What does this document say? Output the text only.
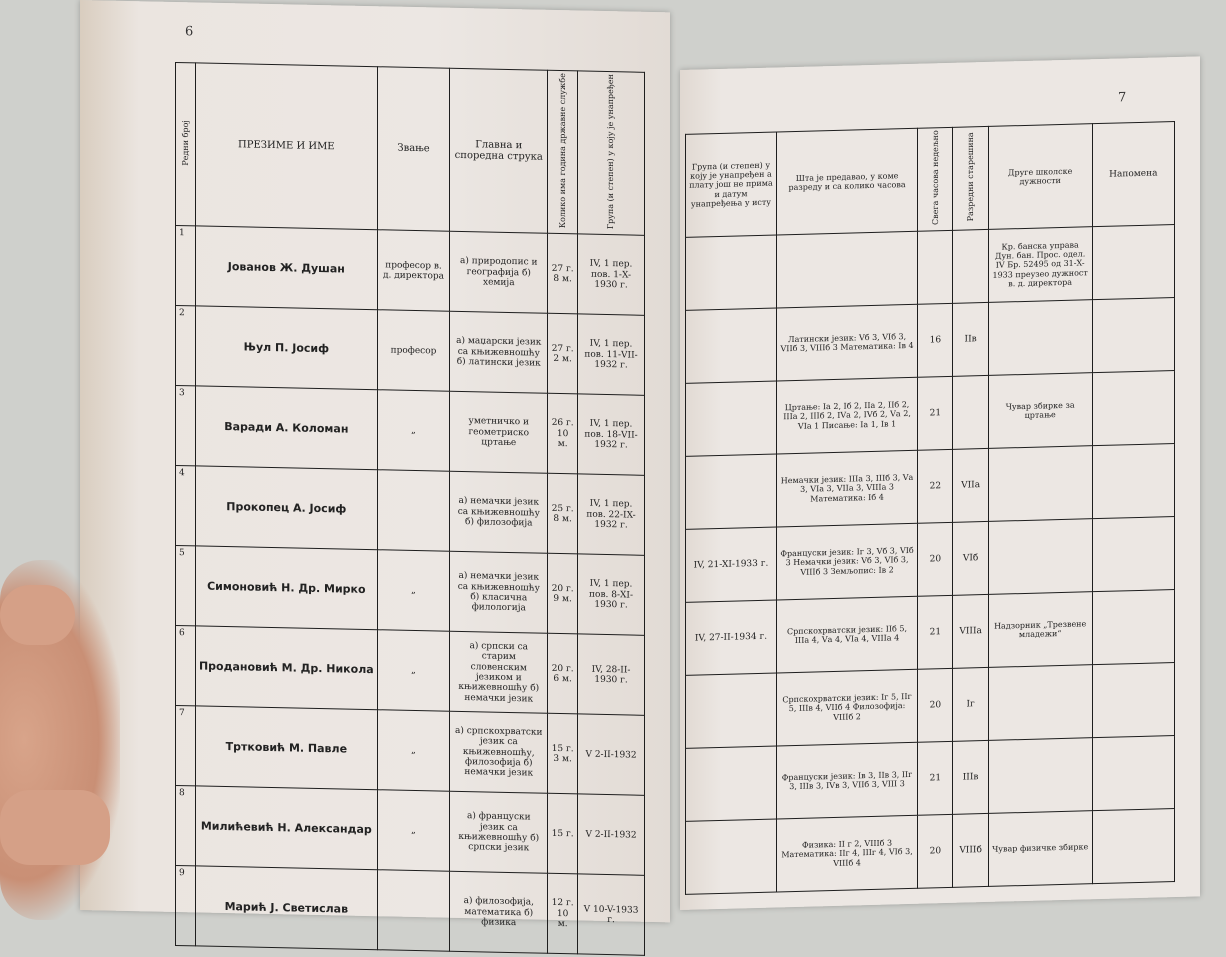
6
Редни број	ПРЕЗИМЕ И ИМЕ	Звање	Главна и споредна струка	Колико има година државне службе	Група (и степен) у коју је унапређен
1	Јованов Ж. Душан	професор в. д. директора	а) природопис и географија б) хемија	27 г. 8 м.	IV, 1 пер. пов. 1-X-1930 г.
2	Њул П. Јосиф	професор	а) маџарски језик са књижевношћу б) латински језик	27 г. 2 м.	IV, 1 пер. пов. 11-VII-1932 г.
3	Варади А. Коломан	„	уметничко и геометриско цртање	26 г. 10 м.	IV, 1 пер. пов. 18-VII-1932 г.
4	Прокопец А. Јосиф		а) немачки језик са књижевношћу б) филозофија	25 г. 8 м.	IV, 1 пер. пов. 22-IX-1932 г.
5	Симоновић Н. Др. Мирко	„	а) немачки језик са књижевношћу б) класична филологија	20 г. 9 м.	IV, 1 пер. пов. 8-XI-1930 г.
6	Продановић М. Др. Никола	„	а) српски са старим словенским језиком и књижевношћу б) немачки језик	20 г. 6 м.	IV, 28-II-1930 г.
7	Тртковић М. Павле	„	а) српскохрватски језик са књижевношћу, филозофија б) немачки језик	15 г. 3 м.	V 2-II-1932
8	Милићевић Н. Александар	„	а) француски језик са књижевношћу б) српски језик	15 г.	V 2-II-1932
9	Марић Ј. Светислав		а) филозофија, математика б) физика	12 г. 10 м.	V 10-V-1933 г.
7
Група (и степен) у коју је унапређен а плату још не прима и датум унапређења у исту	Шта је предавао, у коме разреду и са колико часова	Свега часова недељно	Разредни старешина	Друге школске дужности	Напомена
				Кр. банска управа Дун. бан. Прос. одел. IV Бр. 52495 од 31-X-1933 преузео дужност в. д. директора	
	Латински језик: Vб 3, VIб 3, VIIб 3, VIIIб 3 Математика: Iв 4	16	IIв		
	Цртање: Iа 2, Iб 2, IIа 2, IIб 2, IIIа 2, IIIб 2, IVа 2, IVб 2, Vа 2, VIа 1 Писање: Iа 1, Iв 1	21		Чувар збирке за цртање	
	Немачки језик: IIIа 3, IIIб 3, Vа 3, VIа 3, VIIа 3, VIIIа 3 Математика: Iб 4	22	VIIа		
IV, 21-XI-1933 г.	Француски језик: Iг 3, Vб 3, VIб 3 Немачки језик: Vб 3, VIб 3, VIIIб 3 Земљопис: Iв 2	20	VIб		
IV, 27-II-1934 г.	Српскохрватски језик: IIб 5, IIIа 4, Vа 4, VIа 4, VIIIа 4	21	VIIIа	Надзорник „Трезвене младежи“	
	Српскохрватски језик: Iг 5, IIг 5, IIIв 4, VIIб 4 Филозофија: VIIIб 2	20	Iг		
	Француски језик: Iв 3, IIв 3, IIг 3, IIIв 3, IVв 3, VIIб 3, VIII 3	21	IIIв		
	Физика: II г 2, VIIIб 3 Математика: IIг 4, IIIг 4, VIб 3, VIIIб 4	20	VIIIб	Чувар физичке збирке	
